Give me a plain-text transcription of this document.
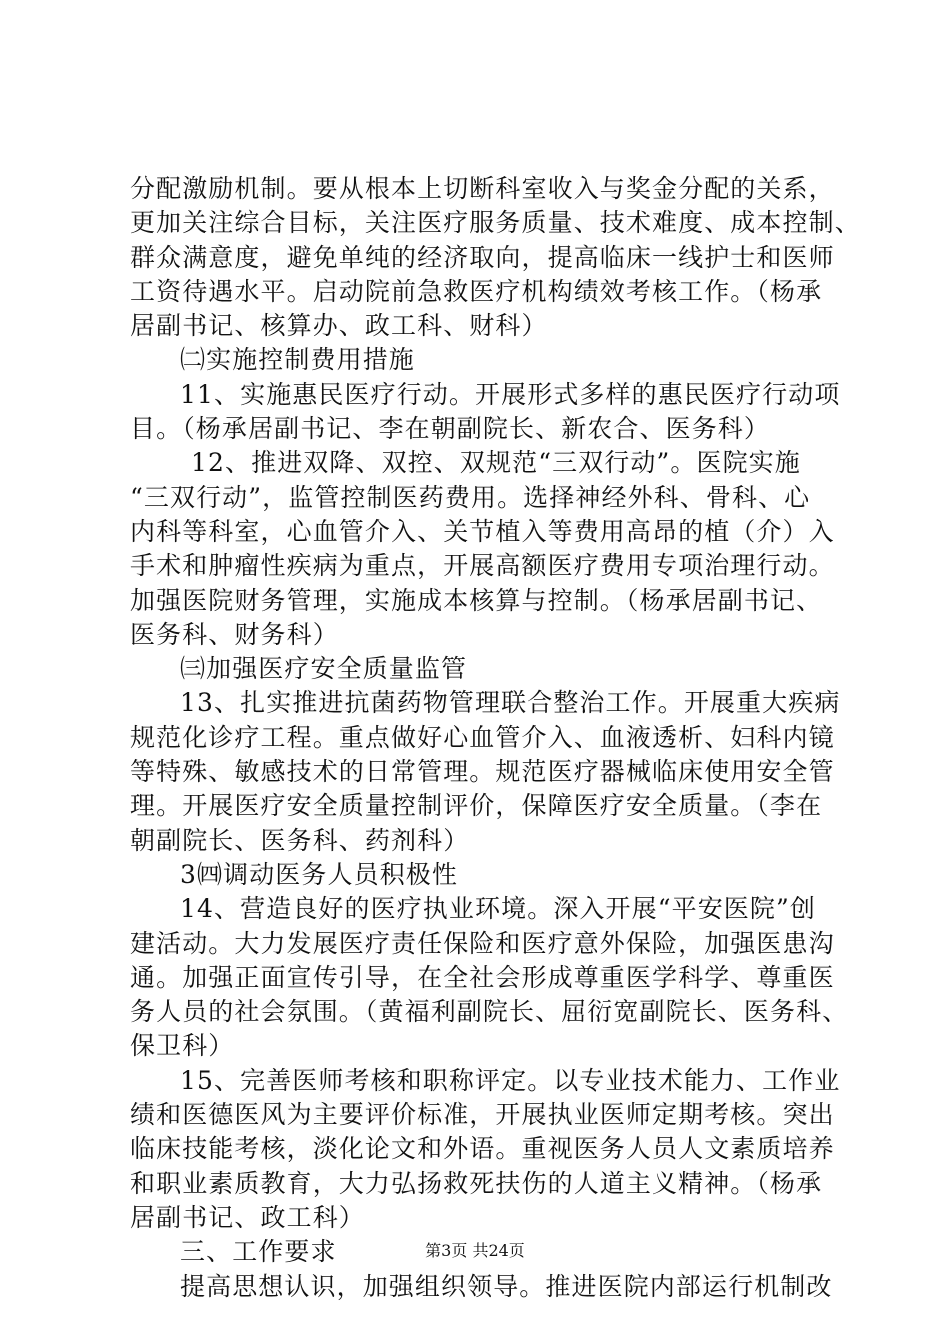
分配激励机制。要从根本上切断科室收入与奖金分配的关系，
更加关注综合目标，关注医疗服务质量、技术难度、成本控制、
群众满意度，避免单纯的经济取向，提高临床一线护士和医师
工资待遇水平。启动院前急救医疗机构绩效考核工作。（杨承
居副书记、核算办、政工科、财科）
㈡实施控制费用措施
11、实施惠民医疗行动。开展形式多样的惠民医疗行动项
目。（杨承居副书记、李在朝副院长、新农合、医务科）
12、推进双降、双控、双规范“三双行动”。医院实施
“三双行动”，监管控制医药费用。选择神经外科、骨科、心
内科等科室，心血管介入、关节植入等费用高昂的植（介）入
手术和肿瘤性疾病为重点，开展高额医疗费用专项治理行动。
加强医院财务管理，实施成本核算与控制。（杨承居副书记、
医务科、财务科）
㈢加强医疗安全质量监管
13、扎实推进抗菌药物管理联合整治工作。开展重大疾病
规范化诊疗工程。重点做好心血管介入、血液透析、妇科内镜
等特殊、敏感技术的日常管理。规范医疗器械临床使用安全管
理。开展医疗安全质量控制评价，保障医疗安全质量。（李在
朝副院长、医务科、药剂科）
3㈣调动医务人员积极性
14、营造良好的医疗执业环境。深入开展“平安医院”创
建活动。大力发展医疗责任保险和医疗意外保险，加强医患沟
通。加强正面宣传引导，在全社会形成尊重医学科学、尊重医
务人员的社会氛围。（黄福利副院长、屈衍宽副院长、医务科、
保卫科）
15、完善医师考核和职称评定。以专业技术能力、工作业
绩和医德医风为主要评价标准，开展执业医师定期考核。突出
临床技能考核，淡化论文和外语。重视医务人员人文素质培养
和职业素质教育，大力弘扬救死扶伤的人道主义精神。（杨承
居副书记、政工科）
三、工作要求
提高思想认识，加强组织领导。推进医院内部运行机制改
第3页 共24页
